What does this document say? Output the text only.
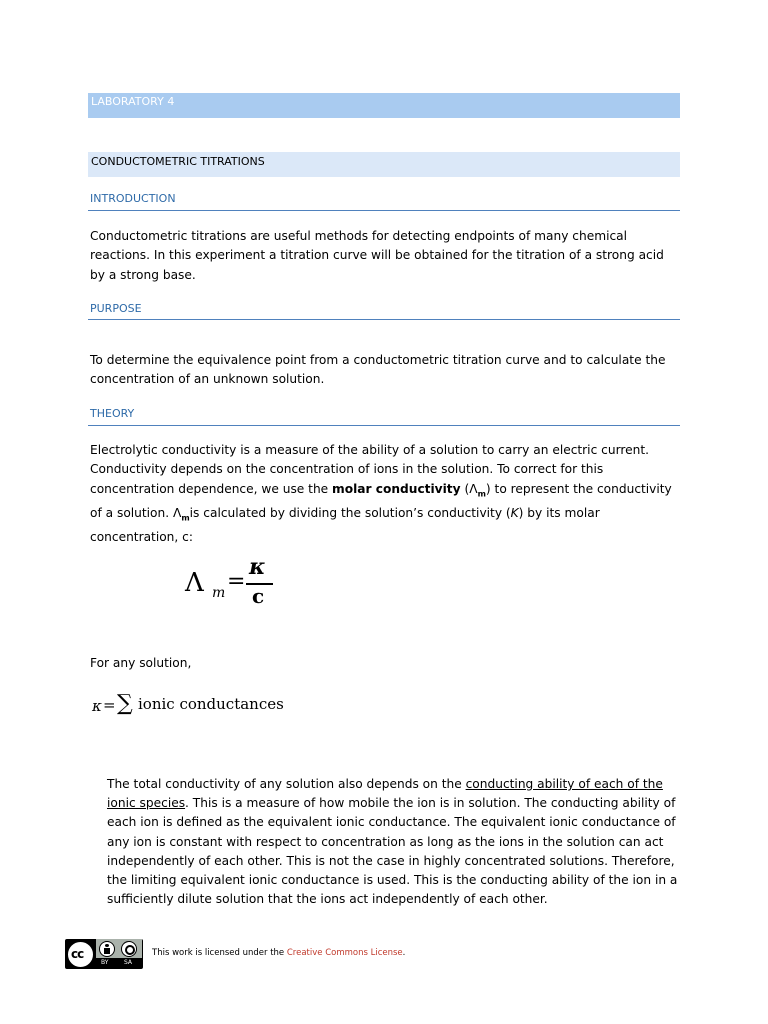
LABORATORY 4
CONDUCTOMETRIC TITRATIONS
INTRODUCTION
Conductometric titrations are useful methods for detecting endpoints of many chemical reactions. In this experiment a titration curve will be obtained for the titration of a strong acid by a strong base.
PURPOSE
To determine the equivalence point from a conductometric titration curve and to calculate the concentration of an unknown solution.
THEORY
Electrolytic conductivity is a measure of the ability of a solution to carry an electric current. Conductivity depends on the concentration of ions in the solution. To correct for this concentration dependence, we use the molar conductivity $(\Lambda_m)$ to represent the conductivity of a solution. $\Lambda_mis$ calculated by dividing the solution’s conductivity (K) by its molar concentration, c:
Λ m =
κ
c
For any solution,
κ = ∑ ionic conductances
The total conductivity of any solution also depends on the conducting ability of each of the ionic species. This is a measure of how mobile the ion is in solution. The conducting ability of each ion is defined as the equivalent ionic conductance. The equivalent ionic conductance of any ion is constant with respect to concentration as long as the ions in the solution can act independently of each other. This is not the case in highly concentrated solutions. Therefore, the limiting equivalent ionic conductance is used. This is the conducting ability of the ion in a sufficiently dilute solution that the ions act independently of each other.
cc
BY	SA
This work is licensed under the Creative Commons License.
